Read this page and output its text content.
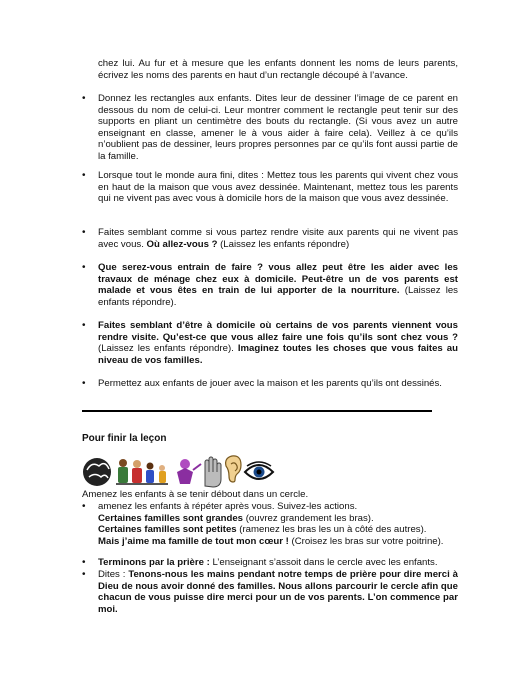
chez lui. Au fur et à mesure que les enfants donnent les noms de leurs parents, écrivez les noms des parents en haut d’un rectangle découpé à l’avance.

•	Donnez les rectangles aux enfants. Dites leur de dessiner l’image de ce parent en dessous du nom de celui-ci. Leur montrer comment le rectangle peut tenir sur des supports en pliant un centimètre des bouts du rectangle. (Si vous avez un autre enseignant en classe, amener le à vous aider à faire cela). Veillez à ce qu’ils n’oublient pas de dessiner, leurs propres personnes par ce qu’ils font aussi partie de la famille.

•	Lorsque tout le monde aura fini, dites : Mettez tous les parents qui vivent chez vous en haut de la maison que vous avez dessinée. Maintenant, mettez tous les parents qui ne vivent pas avec vous à domicile hors de la maison que vous avez dessinée.

•	Faites semblant comme si vous partez rendre visite aux parents qui ne vivent pas avec vous. Où allez-vous ? (Laissez les enfants répondre)

•	Que serez-vous entrain de faire ? vous allez peut être les aider avec les travaux de ménage chez eux à domicile. Peut-être un de vos parents est malade et vous êtes en train de lui apporter de la nourriture. (Laissez les enfants répondre).

•	Faites semblant d’être à domicile où certains de vos parents viennent vous rendre visite. Qu’est-ce que vous allez faire une fois qu’ils sont chez vous ? (Laissez les enfants répondre). Imaginez toutes les choses que vous faites au niveau de vos familles.

•	Permettez aux enfants de jouer avec la maison et les parents qu’ils ont dessinés.

Pour finir la leçon

Amenez les enfants à se tenir débout dans un cercle.

•	amenez les enfants à répéter après vous. Suivez-les actions.
Certaines familles sont grandes (ouvrez grandement les bras).
Certaines familles sont petites (ramenez les bras les un à côté des autres).
Mais j’aime ma famille de tout mon cœur ! (Croisez les bras sur votre poitrine).
•	Terminons par la prière : L’enseignant s’assoit dans le cercle avec les enfants.

•	Dites : Tenons-nous les mains pendant notre temps de prière pour dire merci à Dieu de nous avoir donné des familles. Nous allons parcourir le cercle afin que chacun de vous puisse dire merci pour un de vos parents. L’on commence par moi.
